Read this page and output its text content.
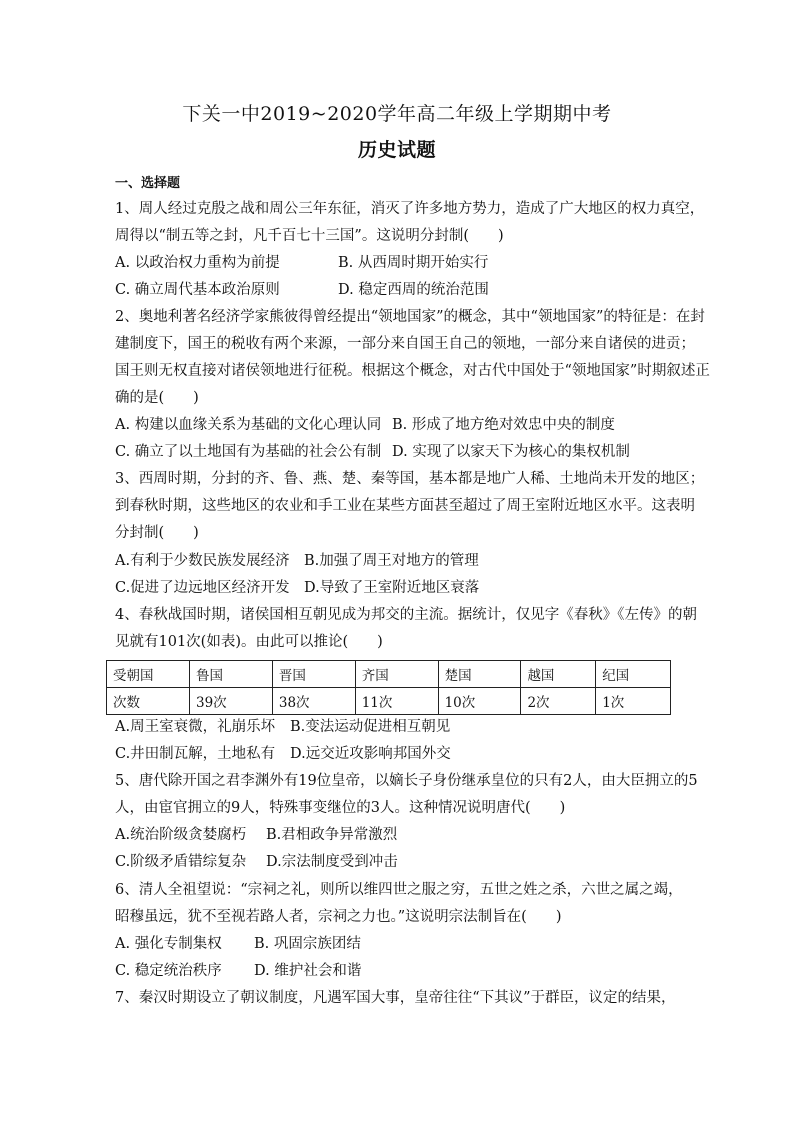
下关一中2019~2020学年高二年级上学期期中考
历史试题
一、选择题
1、周人经过克殷之战和周公三年东征，消灭了许多地方势力，造成了广大地区的权力真空，
周得以“制五等之封，凡千百七十三国”。这说明分封制(　　)
A. 以政治权力重构为前提	B. 从西周时期开始实行
C. 确立周代基本政治原则	D. 稳定西周的统治范围
2、奥地利著名经济学家熊彼得曾经提出“领地国家”的概念，其中“领地国家”的特征是：在封
建制度下，国王的税收有两个来源，一部分来自国王自己的领地，一部分来自诸侯的进贡；
国王则无权直接对诸侯领地进行征税。根据这个概念，对古代中国处于“领地国家”时期叙述正
确的是(　　)
A. 构建以血缘关系为基础的文化心理认同 B. 形成了地方绝对效忠中央的制度
C. 确立了以土地国有为基础的社会公有制 D. 实现了以家天下为核心的集权机制
3、西周时期，分封的齐、鲁、燕、楚、秦等国，基本都是地广人稀、土地尚未开发的地区；
到春秋时期，这些地区的农业和手工业在某些方面甚至超过了周王室附近地区水平。这表明
分封制(　　)
A.有利于少数民族发展经济 B.加强了周王对地方的管理
C.促进了边远地区经济开发 D.导致了王室附近地区衰落
4、春秋战国时期，诸侯国相互朝见成为邦交的主流。据统计，仅见字《春秋》《左传》的朝
见就有101次(如表)。由此可以推论(　　)
受朝国	鲁国	晋国	齐国	楚国	越国	纪国
次数	39次	38次	11次	10次	2次	1次
A.周王室衰微，礼崩乐坏 B.变法运动促进相互朝见
C.井田制瓦解，土地私有 D.远交近攻影响邦国外交
5、唐代除开国之君李渊外有19位皇帝，以嫡长子身份继承皇位的只有2人，由大臣拥立的5
人，由宦官拥立的9人，特殊事变继位的3人。这种情况说明唐代(　　)
A.统治阶级贪婪腐朽 B.君相政争异常激烈
C.阶级矛盾错综复杂 D.宗法制度受到冲击
6、清人全祖望说：“宗祠之礼，则所以维四世之服之穷，五世之姓之杀，六世之属之竭，
昭穆虽远，犹不至视若路人者，宗祠之力也。”这说明宗法制旨在(　　)
A. 强化专制集权 B. 巩固宗族团结
C. 稳定统治秩序 D. 维护社会和谐
7、秦汉时期设立了朝议制度，凡遇军国大事，皇帝往往“下其议”于群臣，议定的结果，
